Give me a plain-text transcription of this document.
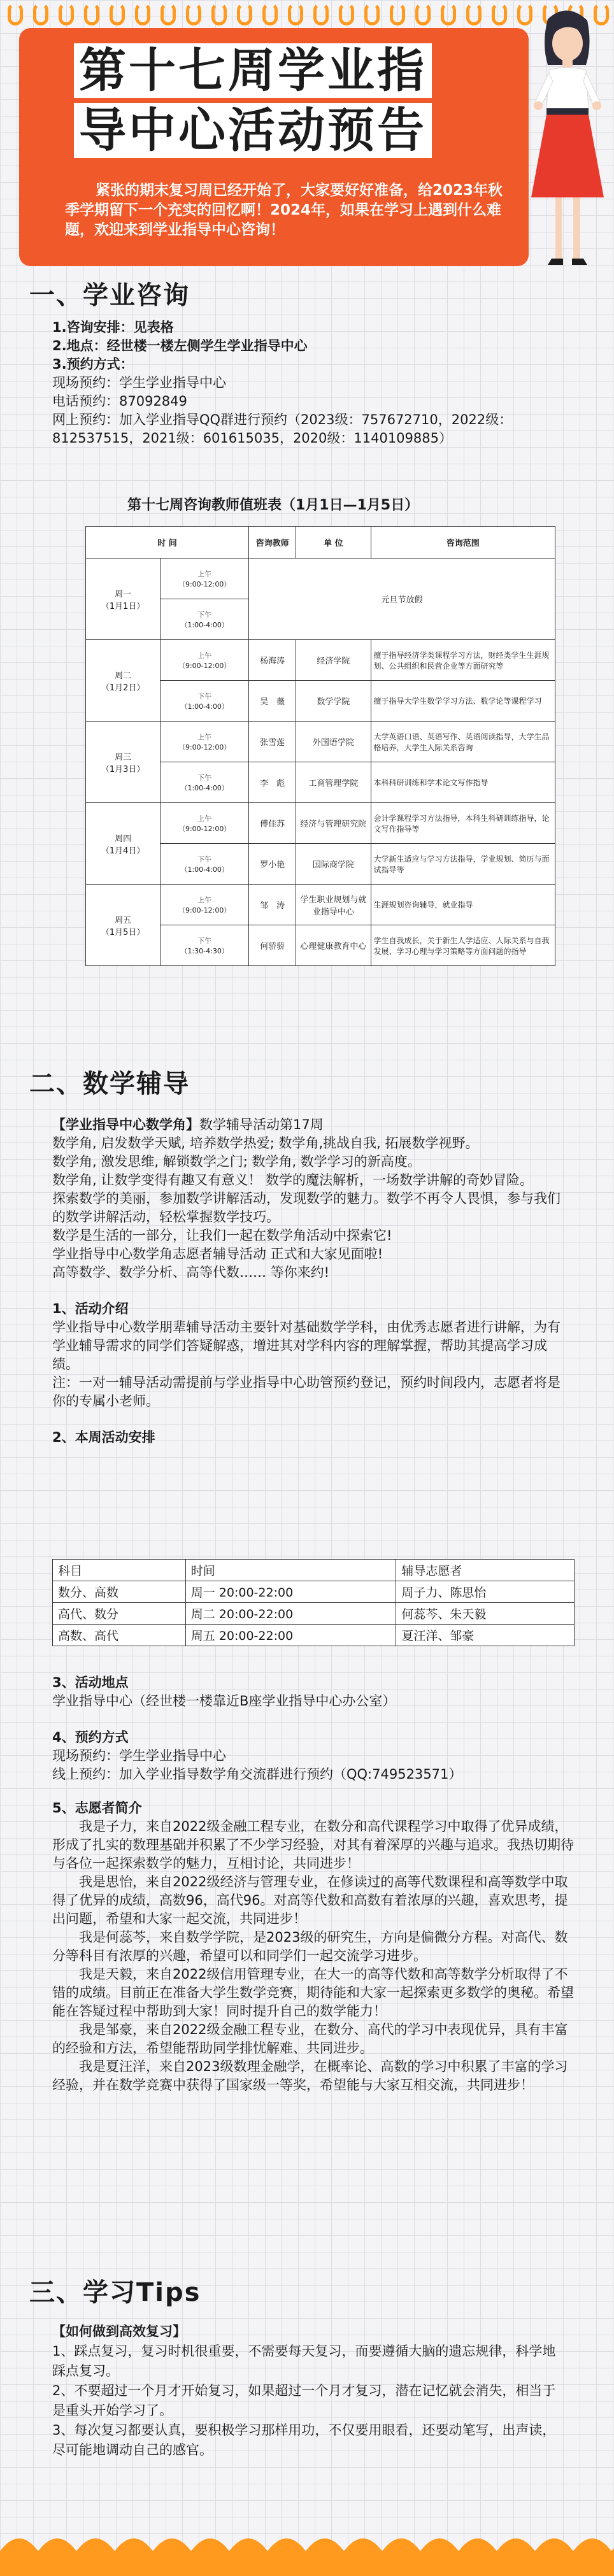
第十七周学业指
导中心活动预告
紧张的期末复习周已经开始了，大家要好好准备，给2023年秋季学期留下一个充实的回忆啊！2024年，如果在学习上遇到什么难题，欢迎来到学业指导中心咨询！
一、学业咨询

1.咨询安排：见表格

2.地点：经世楼一楼左侧学生学业指导中心

3.预约方式：

现场预约：学生学业指导中心

电话预约：87092849

网上预约：加入学业指导QQ群进行预约（2023级：757672710，2022级：812537515，2021级：601615035，2020级：1140109885）

第十七周咨询教师值班表（1月1日—1月5日）
时 间		咨询教师	单 位	咨询范围
周一
（1月1日）	上午
（9:00-12:00）	元旦节放假		
	下午
（1:00-4:00）			
周二
（1月2日）	上午
（9:00-12:00）	杨海涛	经济学院	擅于指导经济学类课程学习方法，财经类学生生涯规划、公共组织和民营企业等方面研究等
	下午
（1:00-4:00）	吴　薇	数学学院	擅于指导大学生数学学习方法、数学论等课程学习
周三
（1月3日）	上午
（9:00-12:00）	张雪莲	外国语学院	大学英语口语、英语写作、英语阅读指导，大学生品格培养，大学生人际关系咨询
	下午
（1:00-4:00）	李　彪	工商管理学院	本科科研训练和学术论文写作指导
周四
（1月4日）	上午
（9:00-12:00）	傅佳苏	经济与管理研究院	会计学课程学习方法指导，本科生科研训练指导，论文写作指导等
	下午
（1:00-4:00）	罗小艳	国际商学院	大学新生适应与学习方法指导，学业规划、简历与面试指导等
周五
（1月5日）	上午
（9:00-12:00）	邹　涛	学生职业规划与就业指导中心	生涯规划咨询辅导，就业指导
	下午
（1:30-4:30）	何骄骄	心理健康教育中心	学生自我成长，关于新生人学适应、人际关系与自我发展、学习心理与学习策略等方面问题的指导
二、数学辅导

【学业指导中心数学角】数学辅导活动第17周

数学角, 启发数学天赋, 培养数学热爱; 数学角,挑战自我, 拓展数学视野。

数学角, 激发思维, 解锁数学之门; 数学角, 数学学习的新高度。

数学角, 让数学变得有趣又有意义！ 数学的魔法解析，一场数学讲解的奇妙冒险。

探索数学的美丽，参加数学讲解活动，发现数学的魅力。数学不再令人畏惧，参与我们的数学讲解活动，轻松掌握数学技巧。

数学是生活的一部分，让我们一起在数学角活动中探索它!

学业指导中心数学角志愿者辅导活动 正式和大家见面啦!

高等数学、数学分析、高等代数…… 等你来约!

1、活动介绍

学业指导中心数学朋辈辅导活动主要针对基础数学学科，由优秀志愿者进行讲解，为有学业辅导需求的同学们答疑解惑，增进其对学科内容的理解掌握，帮助其提高学习成绩。

注：一对一辅导活动需提前与学业指导中心助管预约登记，预约时间段内，志愿者将是你的专属小老师。

2、本周活动安排

科目	时间	辅导志愿者
数分、高数	周一 20:00-22:00	周子力、陈思怡
高代、数分	周二 20:00-22:00	何蕊芩、朱天毅
高数、高代	周五 20:00-22:00	夏汪洋、邹豪

3、活动地点

学业指导中心（经世楼一楼靠近B座学业指导中心办公室）

4、预约方式

现场预约：学生学业指导中心

线上预约：加入学业指导数学角交流群进行预约（QQ:749523571）

5、志愿者简介

我是子力，来自2022级金融工程专业，在数分和高代课程学习中取得了优异成绩，形成了扎实的数理基础并积累了不少学习经验，对其有着深厚的兴趣与追求。我热切期待与各位一起探索数学的魅力，互相讨论，共同进步！

我是思怡，来自2022级经济与管理专业，在修读过的高等代数课程和高等数学中取得了优异的成绩，高数96，高代96。对高等代数和高数有着浓厚的兴趣，喜欢思考，提出问题，希望和大家一起交流，共同进步！

我是何蕊芩，来自数学学院，是2023级的研究生，方向是偏微分方程。对高代、数分等科目有浓厚的兴趣，希望可以和同学们一起交流学习进步。

我是天毅，来自2022级信用管理专业，在大一的高等代数和高等数学分析取得了不错的成绩。目前正在准备大学生数学竞赛，期待能和大家一起探索更多数学的奥秘。希望能在答疑过程中帮助到大家！同时提升自己的数学能力！

我是邹豪，来自2022级金融工程专业，在数分、高代的学习中表现优异，具有丰富的经验和方法，希望能帮助同学排忧解难、共同进步。

我是夏汪洋，来自2023级数理金融学，在概率论、高数的学习中积累了丰富的学习经验，并在数学竞赛中获得了国家级一等奖，希望能与大家互相交流，共同进步！

三、学习Tips

【如何做到高效复习】

1、踩点复习，复习时机很重要，不需要每天复习，而要遵循大脑的遗忘规律，科学地踩点复习。

2、不要超过一个月才开始复习，如果超过一个月才复习，潜在记忆就会消失，相当于是重头开始学习了。

3、每次复习都要认真，要积极学习那样用功，不仅要用眼看，还要动笔写，出声读，尽可能地调动自己的感官。
